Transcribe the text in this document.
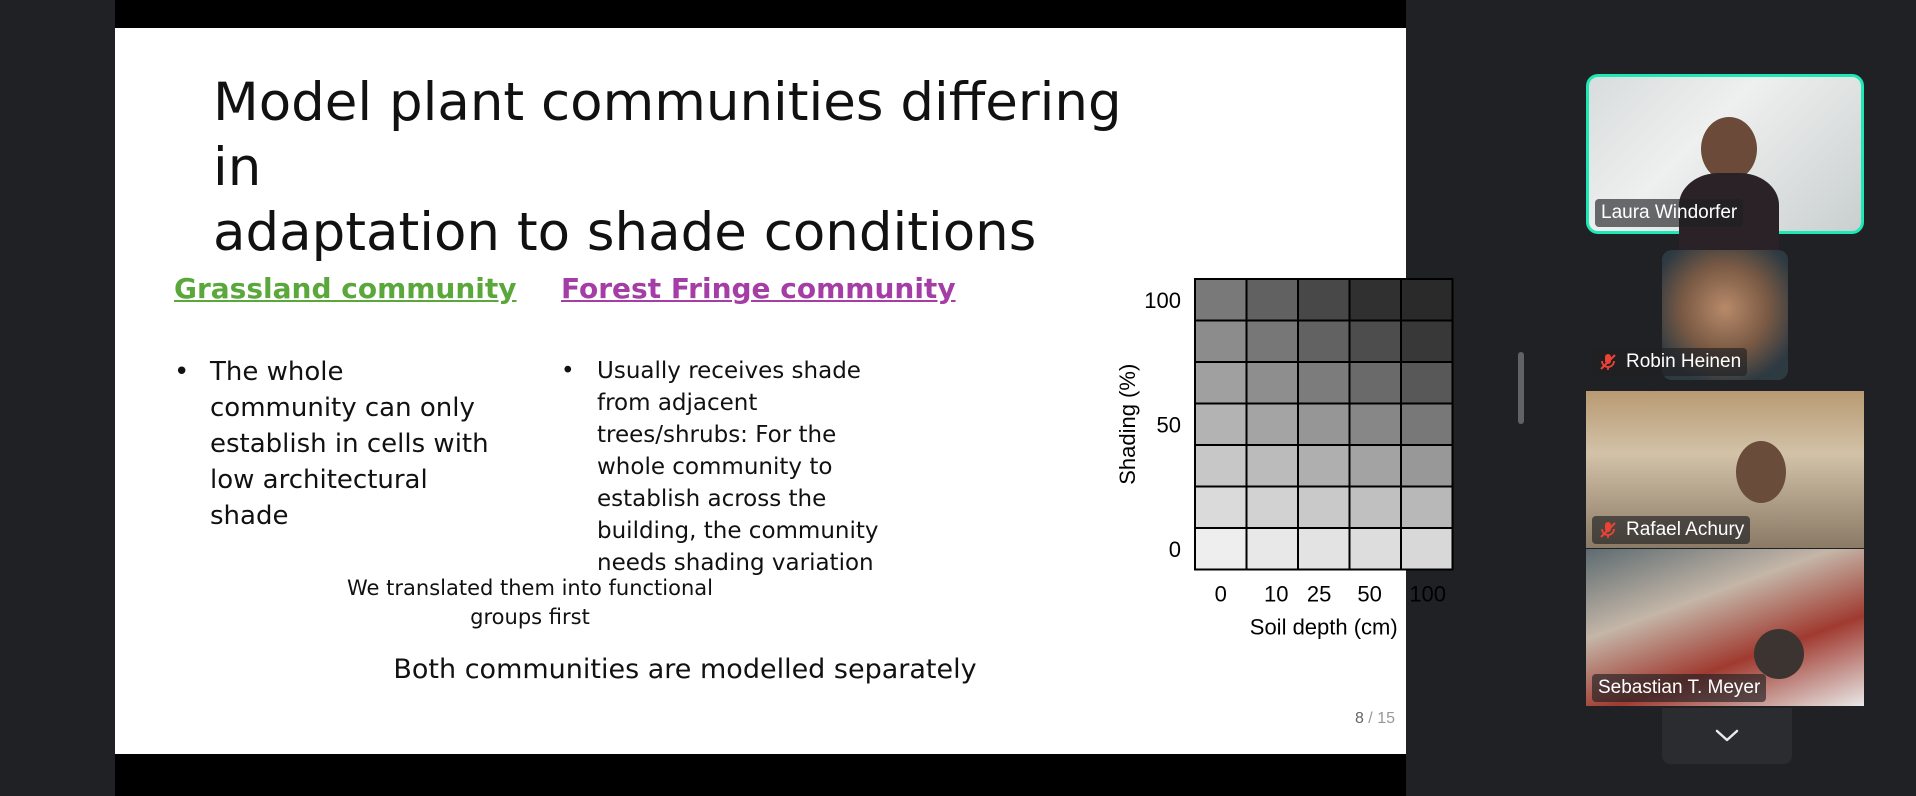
Model plant communities differing in
adaptation to shade conditions
Grassland community
• The whole community can only establish in cells with low architectural shade
Forest Fringe community
• Usually receives shade from adjacent trees/shrubs: For the whole community to establish across the building, the community needs shading variation
0 10 25 50 100
100
50
0
Soil depth (cm)
Shading (%)
We translated them into functional
groups first
Both communities are modelled separately
8 / 15
Laura Windorfer
Robin Heinen
Rafael Achury
Sebastian T. Meyer
